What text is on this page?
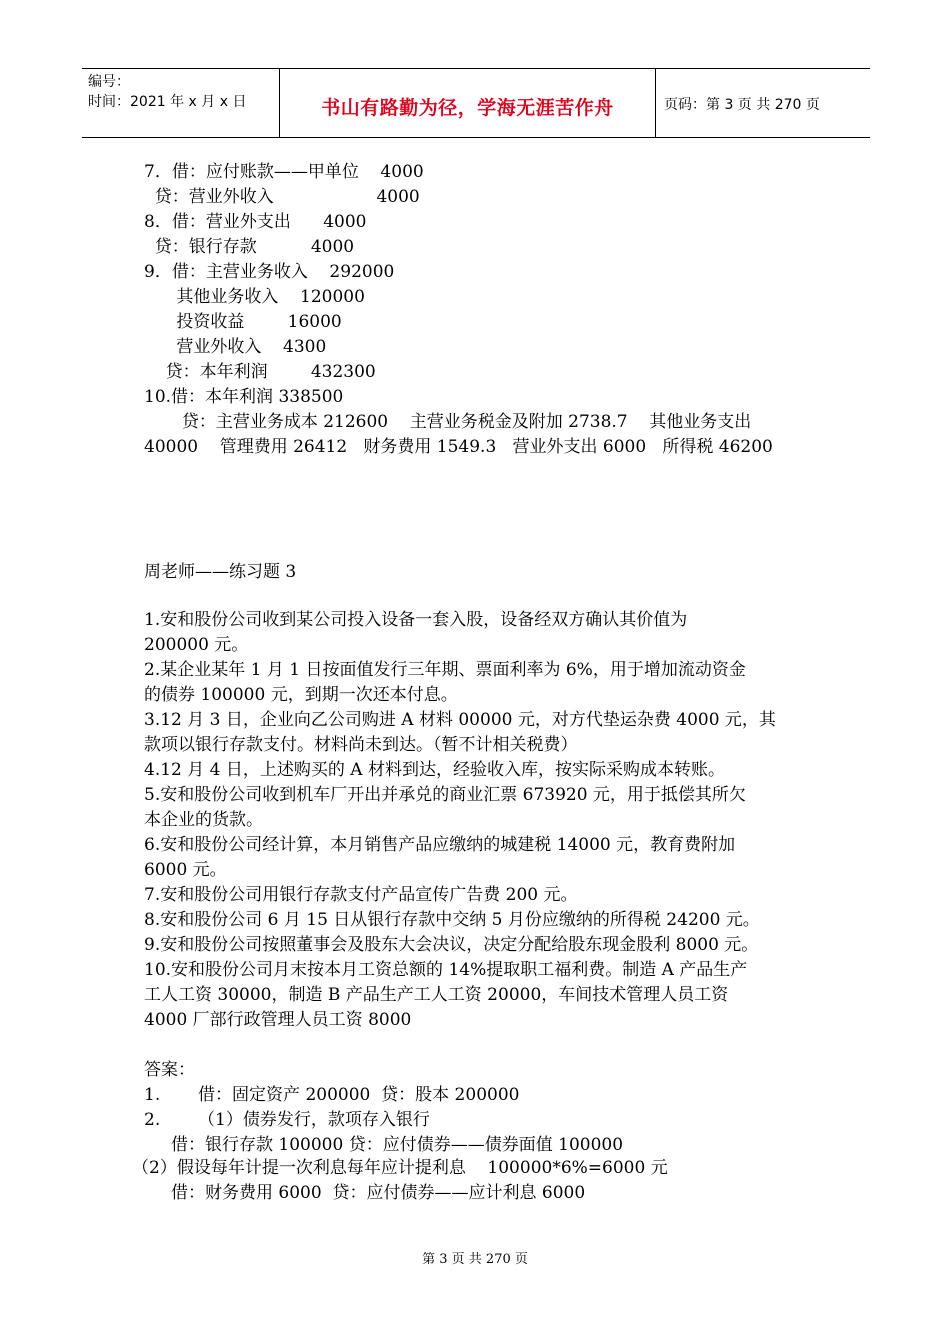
编号：
时间：2021 年 x 月 x 日	书山有路勤为径，学海无涯苦作舟	页码：第 3 页 共 270 页
7．借：应付账款——甲单位    4000
贷：营业外收入                   4000
8．借：营业外支出      4000
贷：银行存款          4000
9．借：主营业务收入    292000
其他业务收入    120000
投资收益        16000
营业外收入    4300
贷：本年利润        432300
10.借：本年利润 338500
贷：主营业务成本 212600    主营业务税金及附加 2738.7    其他业务支出
40000    管理费用 26412   财务费用 1549.3   营业外支出 6000   所得税 46200
周老师——练习题 3
1.安和股份公司收到某公司投入设备一套入股，设备经双方确认其价值为
200000 元。
2.某企业某年 1 月 1 日按面值发行三年期、票面利率为 6%，用于增加流动资金
的债券 100000 元，到期一次还本付息。
3.12 月 3 日，企业向乙公司购进 A 材料 00000 元，对方代垫运杂费 4000 元，其
款项以银行存款支付。材料尚未到达。（暂不计相关税费）
4.12 月 4 日，上述购买的 A 材料到达，经验收入库，按实际采购成本转账。
5.安和股份公司收到机车厂开出并承兑的商业汇票 673920 元，用于抵偿其所欠
本企业的货款。
6.安和股份公司经计算，本月销售产品应缴纳的城建税 14000 元，教育费附加
6000 元。
7.安和股份公司用银行存款支付产品宣传广告费 200 元。
8.安和股份公司 6 月 15 日从银行存款中交纳 5 月份应缴纳的所得税 24200 元。
9.安和股份公司按照董事会及股东大会决议，决定分配给股东现金股利 8000 元。
10.安和股份公司月末按本月工资总额的 14%提取职工福利费。制造 A 产品生产
工人工资 30000，制造 B 产品生产工人工资 20000，车间技术管理人员工资
4000 厂部行政管理人员工资 8000
答案：
1.       借：固定资产 200000  贷：股本 200000
2.       （1）债券发行，款项存入银行
借：银行存款 100000 贷：应付债券——债券面值 100000
（2）假设每年计提一次利息每年应计提利息    100000*6%=6000 元
借：财务费用 6000  贷：应付债券——应计利息 6000
第 3 页 共 270 页
